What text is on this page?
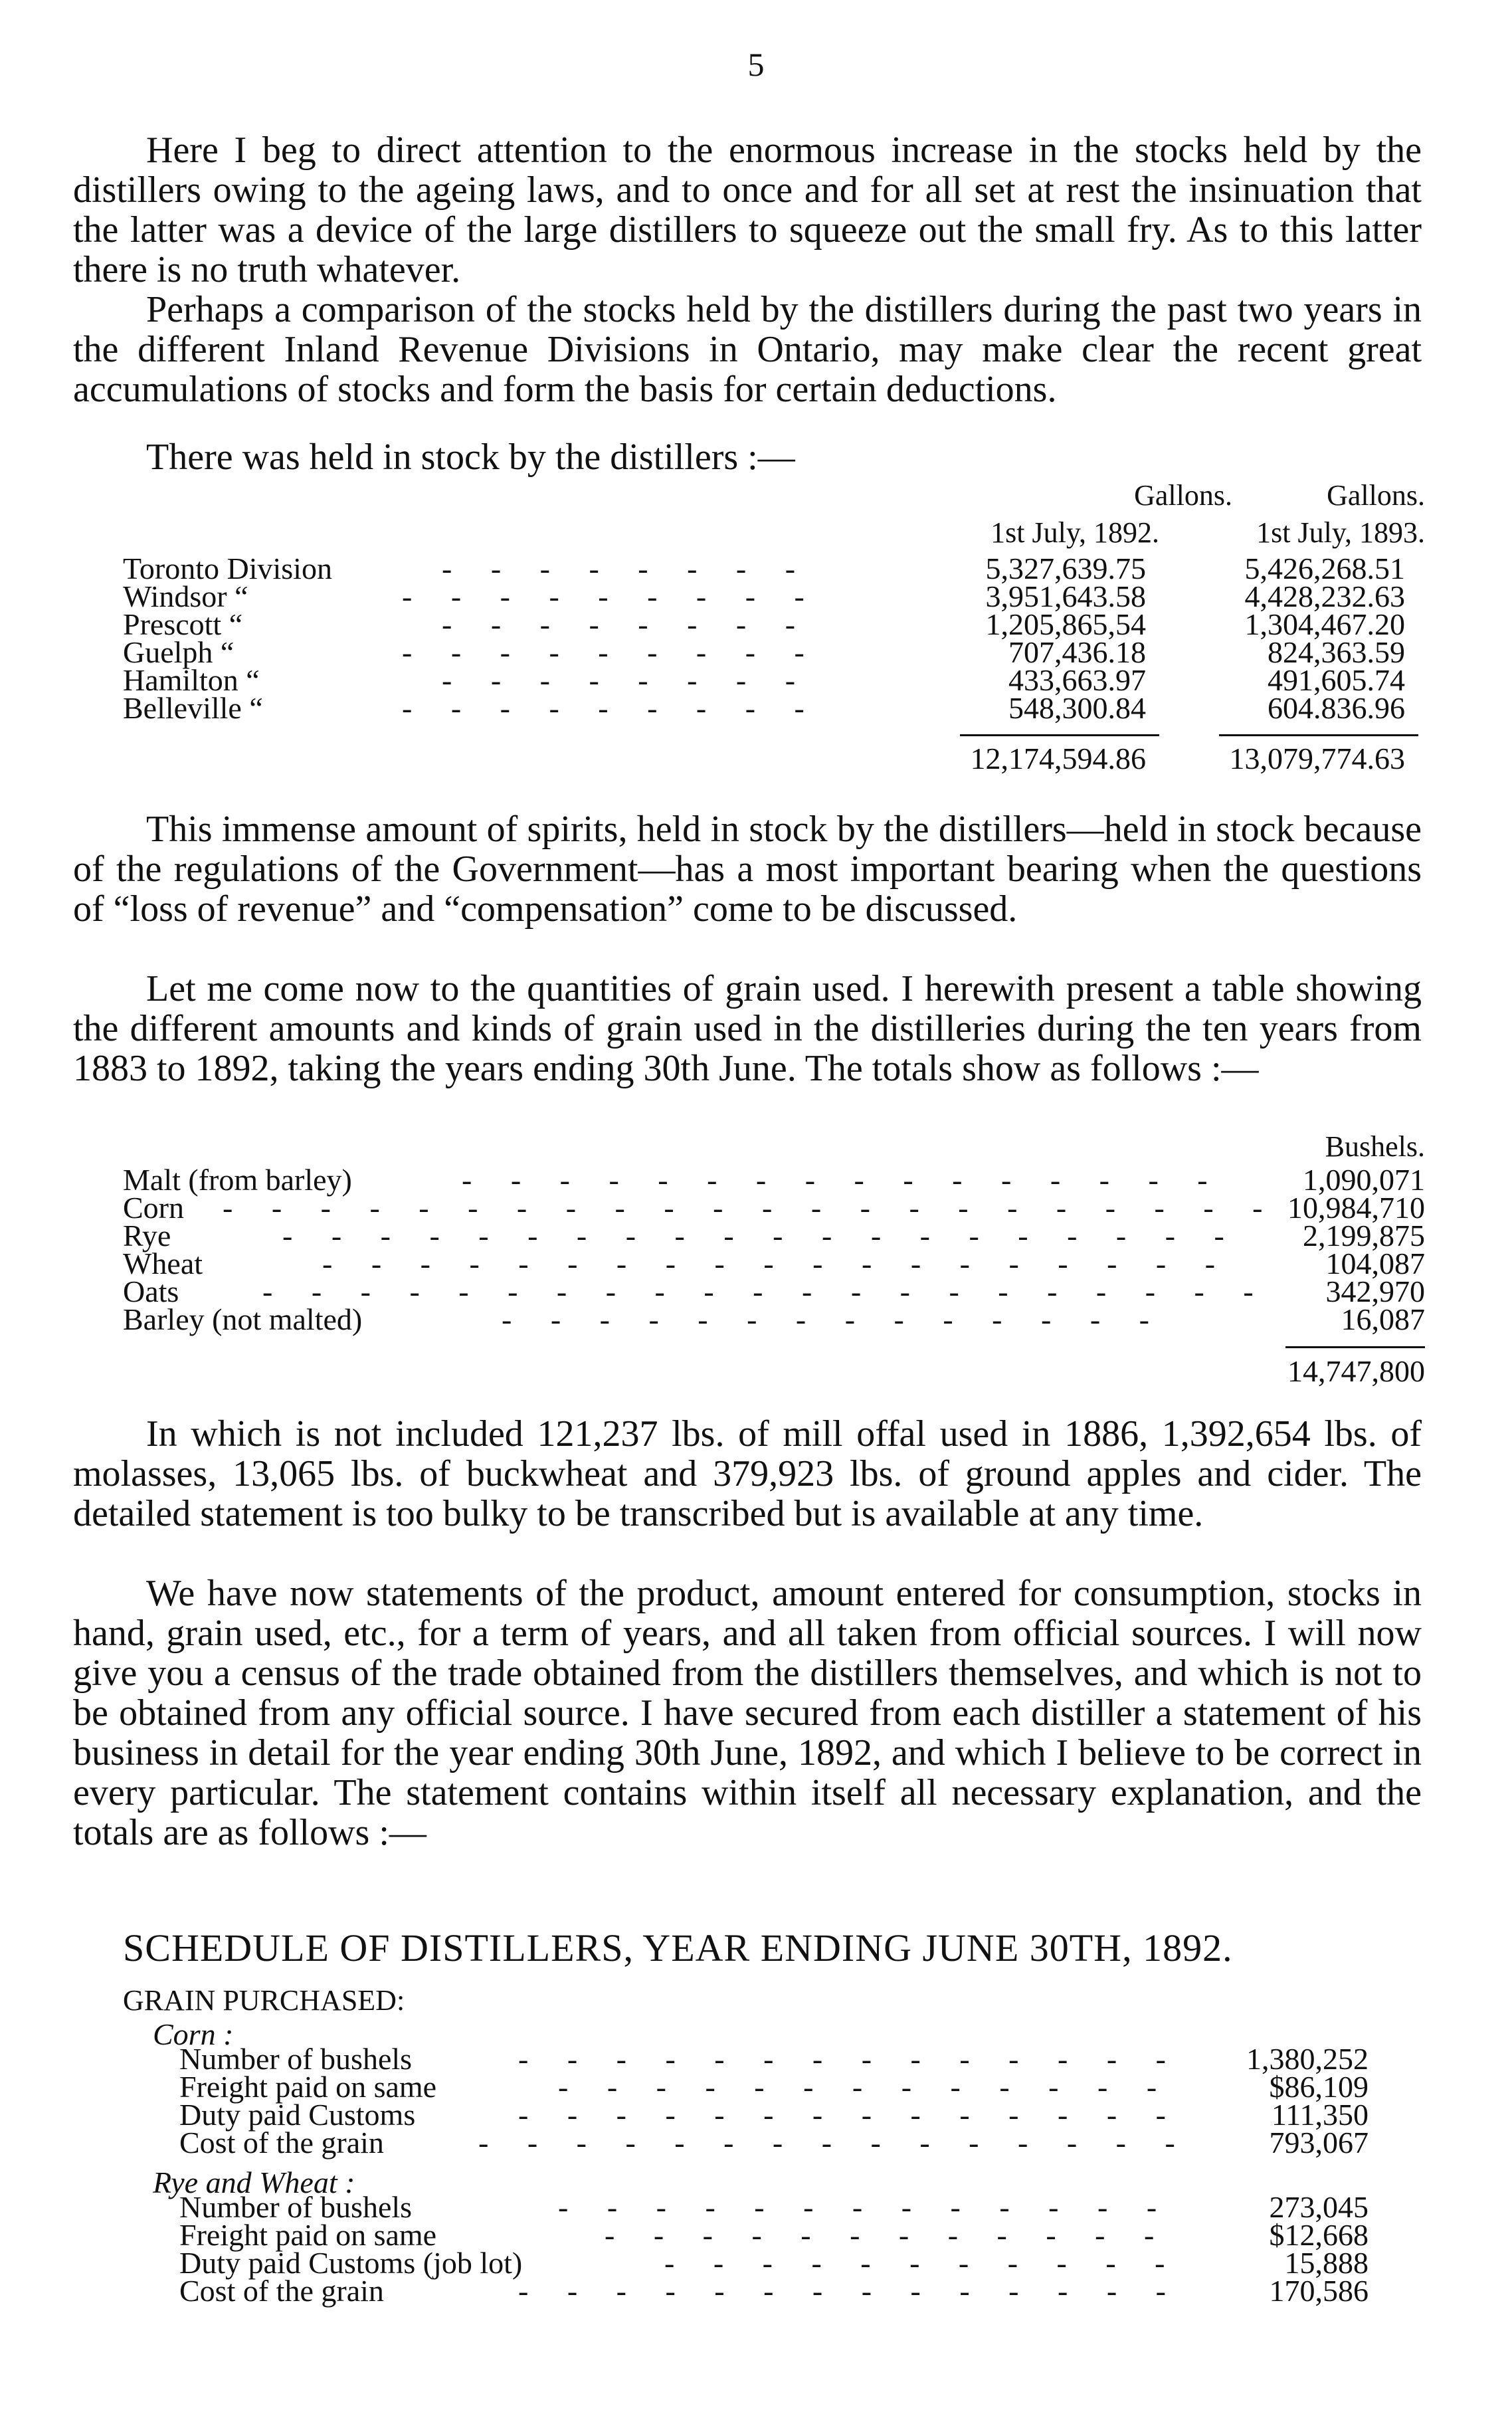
5

Here I beg to direct attention to the enormous increase in the stocks held by the distillers owing to the ageing laws, and to once and for all set at rest the insinuation that the latter was a device of the large distillers to squeeze out the small fry. As to this latter there is no truth whatever.

Perhaps a comparison of the stocks held by the distillers during the past two years in the different Inland Revenue Divisions in Ontario, may make clear the recent great accumulations of stocks and form the basis for certain deductions.

There was held in stock by the distillers :—

Gallons.	Gallons.
1st July, 1892.	1st July, 1893.
Toronto Division	-   -   -   -   -   -   -   -	5,327,639.75	5,426,268.51
Windsor “	-   -   -   -   -   -   -   -   -	3,951,643.58	4,428,232.63
Prescott “	-   -   -   -   -   -   -   -	1,205,865,54	1,304,467.20
Guelph “	-   -   -   -   -   -   -   -   -	707,436.18	824,363.59
Hamilton “	-   -   -   -   -   -   -   -	433,663.97	491,605.74
Belleville “	-   -   -   -   -   -   -   -   -	548,300.84	604.836.96
12,174,594.86	13,079,774.63

This immense amount of spirits, held in stock by the distillers—held in stock because of the regulations of the Government—has a most important bearing when the questions of “loss of revenue” and “compensation” come to be discussed.

Let me come now to the quantities of grain used. I herewith present a table showing the different amounts and kinds of grain used in the distilleries during the ten years from 1883 to 1892, taking the years ending 30th June. The totals show as follows :—

Bushels.
Malt (from barley)	-   -   -   -   -   -   -   -   -   -   -   -   -   -   -   -	1,090,071
Corn -   -   -   -   -   -   -   -   -   -   -   -   -   -   -   -   -   -   -   -   -   - 10,984,710
Rye	-   -   -   -   -   -   -   -   -   -   -   -   -   -   -   -   -   -   -   - 2,199,875
Wheat	-   -   -   -   -   -   -   -   -   -   -   -   -   -   -   -   -   -   -	104,087
Oats	-   -   -   -   -   -   -   -   -   -   -   -   -   -   -   -   -   -   -   -   - 342,970
Barley (not malted)	-   -   -   -   -   -   -   -   -   -   -   -   -   -	16,087
14,747,800

In which is not included 121,237 lbs. of mill offal used in 1886, 1,392,654 lbs. of molasses, 13,065 lbs. of buckwheat and 379,923 lbs. of ground apples and cider. The detailed statement is too bulky to be transcribed but is available at any time.

We have now statements of the product, amount entered for consumption, stocks in hand, grain used, etc., for a term of years, and all taken from official sources. I will now give you a census of the trade obtained from the distillers themselves, and which is not to be obtained from any official source. I have secured from each distiller a statement of his business in detail for the year ending 30th June, 1892, and which I believe to be correct in every particular. The statement contains within itself all necessary explanation, and the totals are as follows :—

SCHEDULE OF DISTILLERS, YEAR ENDING JUNE 30TH, 1892.
GRAIN PURCHASED:
Corn :
Number of bushels	-   -   -   -   -   -   -   -   -   -   -   -   -   -	1,380,252
Freight paid on same	-   -   -   -   -   -   -   -   -   -   -   -   -	$86,109
Duty paid Customs	-   -   -   -   -   -   -   -   -   -   -   -   -   -	111,350
Cost of the grain	-   -   -   -   -   -   -   -   -   -   -   -   -   -   -	793,067
Rye and Wheat :
Number of bushels	-   -   -   -   -   -   -   -   -   -   -   -   -	273,045
Freight paid on same	-   -   -   -   -   -   -   -   -   -   -   -	$12,668
Duty paid Customs (job lot)	-   -   -   -   -   -   -   -   -   -   -	15,888
Cost of the grain	-   -   -   -   -   -   -   -   -   -   -   -   -   -	170,586
